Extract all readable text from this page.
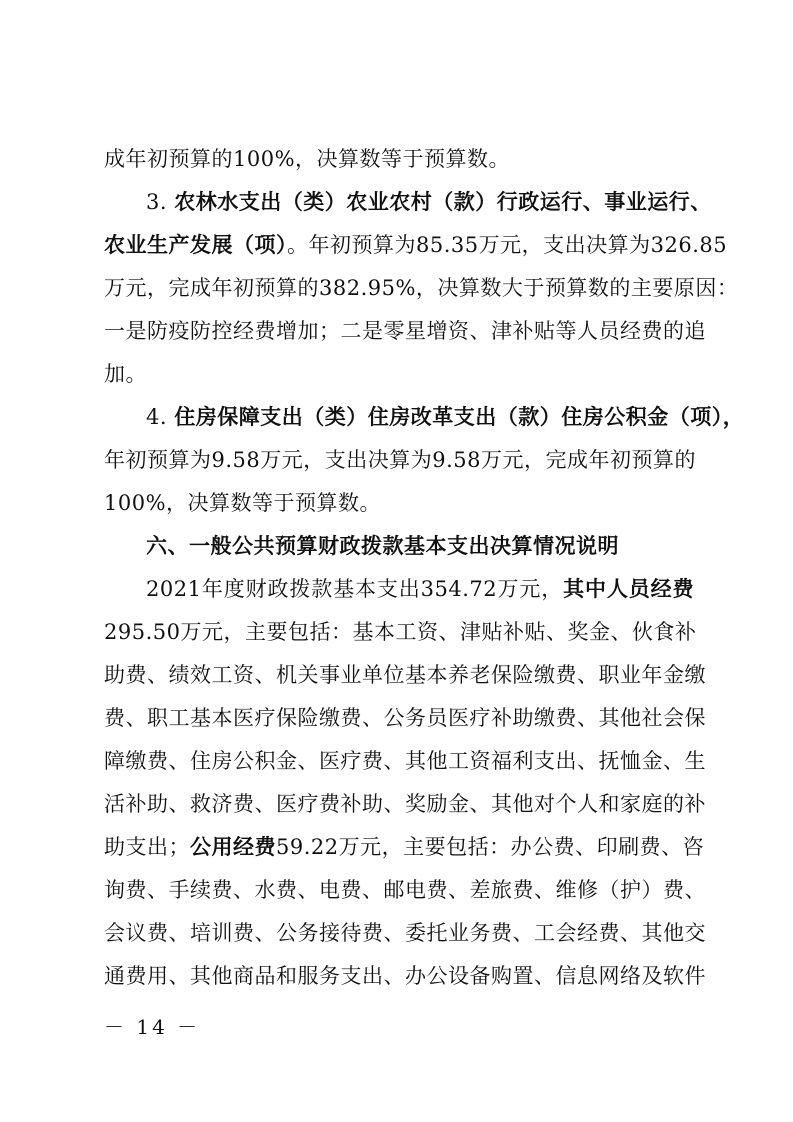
成年初预算的100%，决算数等于预算数。
3. 农林水支出（类）农业农村（款）行政运行、事业运行、
农业生产发展（项）。年初预算为85.35万元，支出决算为326.85
万元，完成年初预算的382.95%，决算数大于预算数的主要原因：
一是防疫防控经费增加；二是零星增资、津补贴等人员经费的追
加。
4. 住房保障支出（类）住房改革支出（款）住房公积金（项），
年初预算为9.58万元，支出决算为9.58万元，完成年初预算的
100%，决算数等于预算数。
六、一般公共预算财政拨款基本支出决算情况说明
2021年度财政拨款基本支出354.72万元，其中人员经费
295.50万元，主要包括：基本工资、津贴补贴、奖金、伙食补
助费、绩效工资、机关事业单位基本养老保险缴费、职业年金缴
费、职工基本医疗保险缴费、公务员医疗补助缴费、其他社会保
障缴费、住房公积金、医疗费、其他工资福利支出、抚恤金、生
活补助、救济费、医疗费补助、奖励金、其他对个人和家庭的补
助支出；公用经费59.22万元，主要包括：办公费、印刷费、咨
询费、手续费、水费、电费、邮电费、差旅费、维修（护）费、
会议费、培训费、公务接待费、委托业务费、工会经费、其他交
通费用、其他商品和服务支出、办公设备购置、信息网络及软件
－ 14 －
